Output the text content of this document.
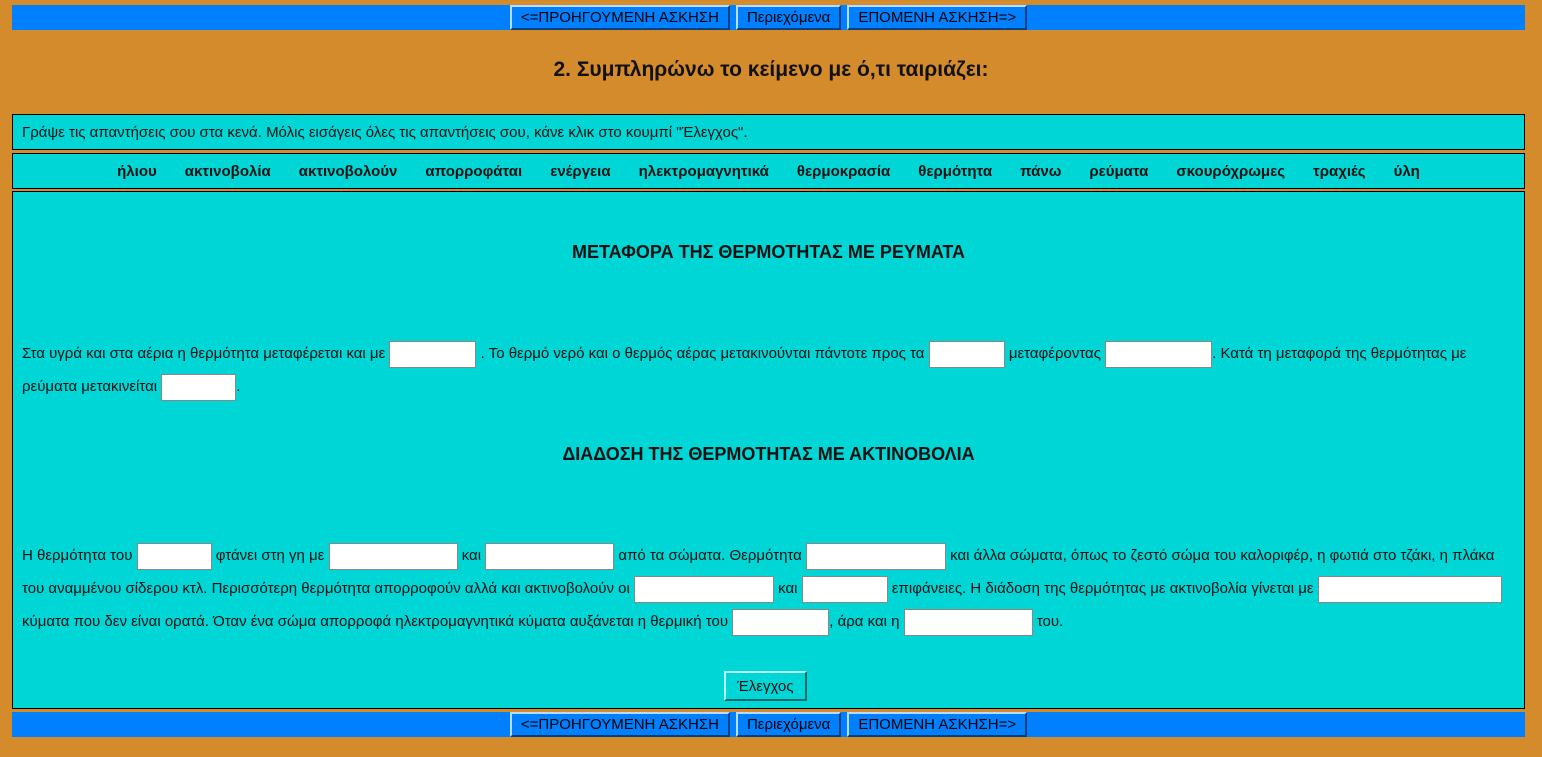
<=ΠΡΟΗΓΟΥΜΕΝΗ ΑΣΚΗΣΗ	Περιεχόμενα	ΕΠΟΜΕΝΗ ΑΣΚΗΣΗ=>
2. Συμπληρώνω το κείμενο με ό,τι ταιριάζει:
Γράψε τις απαντήσεις σου στα κενά. Μόλις εισάγεις όλες τις απαντήσεις σου, κάνε κλικ στο κουμπί "Έλεγχος".
ήλιου ακτινοβολία ακτινοβολούν απορροφάται ενέργεια ηλεκτρομαγνητικά θερμοκρασία θερμότητα πάνω ρεύματα σκουρόχρωμες τραχιές ύλη
ΜΕΤΑΦΟΡΑ ΤΗΣ ΘΕΡΜΟΤΗΤΑΣ ΜΕ ΡΕΥΜΑΤΑ
Στα υγρά και στα αέρια η θερμότητα μεταφέρεται και με	. Το θερμό νερό και ο θερμός αέρας μετακινούνται πάντοτε προς τα	μεταφέροντας	. Κατά τη μεταφορά της θερμότητας με ρεύματα μετακινείται	.
ΔΙΑΔΟΣΗ ΤΗΣ ΘΕΡΜΟΤΗΤΑΣ ΜΕ ΑΚΤΙΝΟΒΟΛΙΑ
Η θερμότητα του	φτάνει στη γη με	και	από τα σώματα. Θερμότητα	και άλλα σώματα, όπως το ζεστό σώμα του καλοριφέρ, η φωτιά στο τζάκι, η πλάκα του αναμμένου σίδερου κτλ. Περισσότερη θερμότητα απορροφούν αλλά και ακτινοβολούν οι	και	επιφάνειες. Η διάδοση της θερμότητας με ακτινοβολία γίνεται με  κύματα που δεν είναι ορατά. Όταν ένα σώμα απορροφά ηλεκτρομαγνητικά κύματα αυξάνεται η θερμική του	, άρα και η	του.
Έλεγχος
<=ΠΡΟΗΓΟΥΜΕΝΗ ΑΣΚΗΣΗ	Περιεχόμενα	ΕΠΟΜΕΝΗ ΑΣΚΗΣΗ=>
